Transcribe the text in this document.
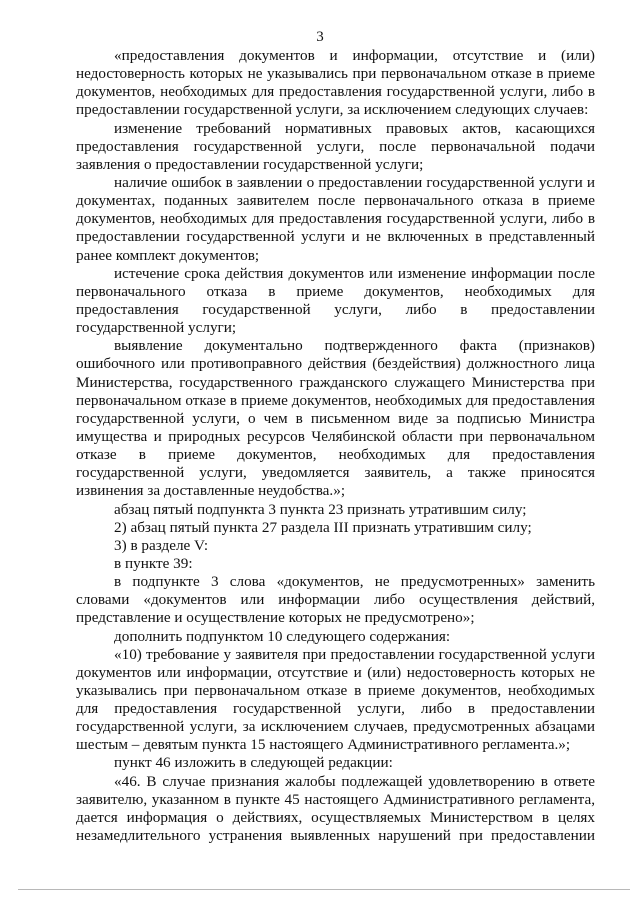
3
«предоставления документов и информации, отсутствие и (или)
недостоверность которых не указывались при первоначальном отказе в приеме
документов, необходимых для предоставления государственной услуги, либо в
предоставлении государственной услуги, за исключением следующих случаев:
изменение требований нормативных правовых актов, касающихся
предоставления государственной услуги, после первоначальной подачи
заявления о предоставлении государственной услуги;
наличие ошибок в заявлении о предоставлении государственной услуги и
документах, поданных заявителем после первоначального отказа в приеме
документов, необходимых для предоставления государственной услуги, либо в
предоставлении государственной услуги и не включенных в представленный
ранее комплект документов;
истечение срока действия документов или изменение информации после
первоначального отказа в приеме документов, необходимых для
предоставления государственной услуги, либо в предоставлении
государственной услуги;
выявление документально подтвержденного факта (признаков)
ошибочного или противоправного действия (бездействия) должностного лица
Министерства, государственного гражданского служащего Министерства при
первоначальном отказе в приеме документов, необходимых для предоставления
государственной услуги, о чем в письменном виде за подписью Министра
имущества и природных ресурсов Челябинской области при первоначальном
отказе в приеме документов, необходимых для предоставления
государственной услуги, уведомляется заявитель, а также приносятся
извинения за доставленные неудобства.»;
абзац пятый подпункта 3 пункта 23 признать утратившим силу;
2) абзац пятый пункта 27 раздела III признать утратившим силу;
3) в разделе V:
в пункте 39:
в подпункте 3 слова «документов, не предусмотренных» заменить
словами «документов или информации либо осуществления действий,
представление и осуществление которых не предусмотрено»;
дополнить подпунктом 10 следующего содержания:
«10) требование у заявителя при предоставлении государственной услуги
документов или информации, отсутствие и (или) недостоверность которых не
указывались при первоначальном отказе в приеме документов, необходимых
для предоставления государственной услуги, либо в предоставлении
государственной услуги, за исключением случаев, предусмотренных абзацами
шестым – девятым пункта 15 настоящего Административного регламента.»;
пункт 46 изложить в следующей редакции:
«46. В случае признания жалобы подлежащей удовлетворению в ответе
заявителю, указанном в пункте 45 настоящего Административного регламента,
дается информация о действиях, осуществляемых Министерством в целях
незамедлительного устранения выявленных нарушений при предоставлении
